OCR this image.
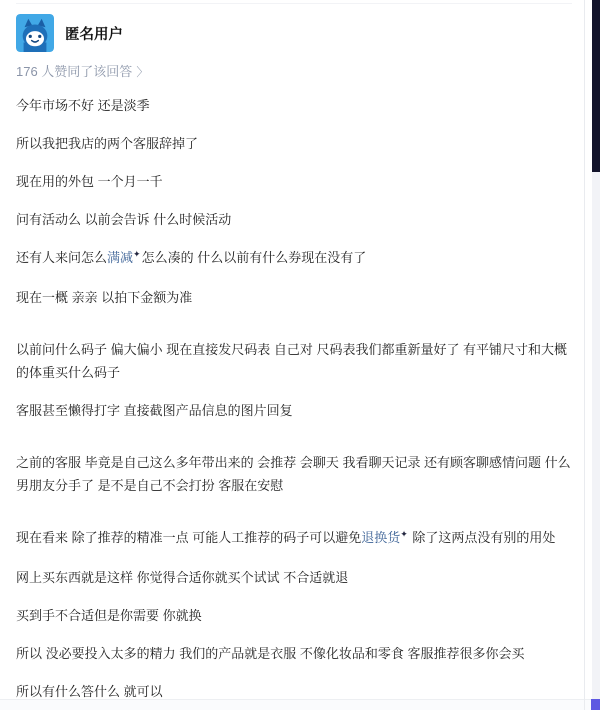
匿名用户
176 人赞同了该回答 〉

今年市场不好 还是淡季

所以我把我店的两个客服辞掉了

现在用的外包 一个月一千

问有活动么 以前会告诉 什么时候活动

还有人来问怎么满减✦怎么凑的 什么以前有什么券现在没有了

现在一概 亲亲 以拍下金额为准

以前问什么码子 偏大偏小 现在直接发尺码表 自己对 尺码表我们都重新量好了 有平铺尺寸和大概的体重买什么码子

客服甚至懒得打字 直接截图产品信息的图片回复

之前的客服 毕竟是自己这么多年带出来的 会推荐 会聊天 我看聊天记录 还有顾客聊感情问题 什么男朋友分手了 是不是自己不会打扮 客服在安慰

现在看来 除了推荐的精准一点 可能人工推荐的码子可以避免退换货✦ 除了这两点没有别的用处

网上买东西就是这样 你觉得合适你就买个试试 不合适就退

买到手不合适但是你需要 你就换

所以 没必要投入太多的精力 我们的产品就是衣服 不像化妆品和零食 客服推荐很多你会买

所以有什么答什么 就可以
